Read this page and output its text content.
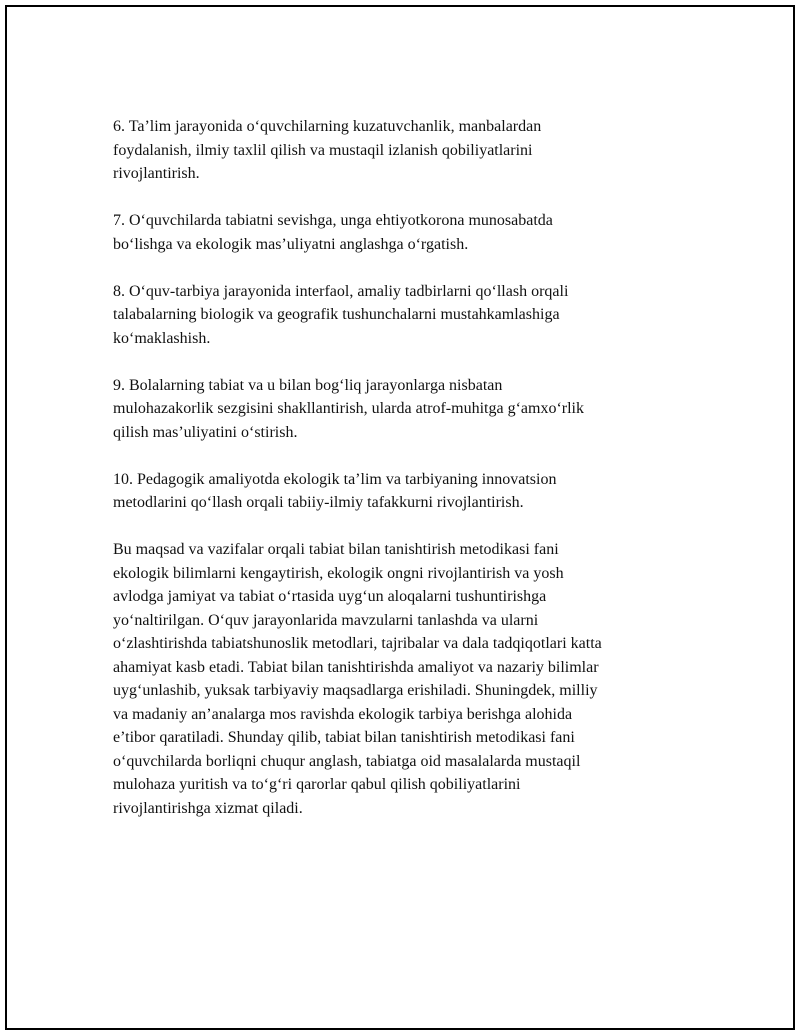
6. Ta’lim jarayonida o‘quvchilarning kuzatuvchanlik, manbalardan
foydalanish, ilmiy taxlil qilish va mustaqil izlanish qobiliyatlarini
rivojlantirish.

7. O‘quvchilarda tabiatni sevishga, unga ehtiyotkorona munosabatda
bo‘lishga va ekologik mas’uliyatni anglashga o‘rgatish.

8. O‘quv-tarbiya jarayonida interfaol, amaliy tadbirlarni qo‘llash orqali
talabalarning biologik va geografik tushunchalarni mustahkamlashiga
ko‘maklashish.

9. Bolalarning tabiat va u bilan bog‘liq jarayonlarga nisbatan
mulohazakorlik sezgisini shakllantirish, ularda atrof-muhitga g‘amxo‘rlik
qilish mas’uliyatini o‘stirish.

10. Pedagogik amaliyotda ekologik ta’lim va tarbiyaning innovatsion
metodlarini qo‘llash orqali tabiiy-ilmiy tafakkurni rivojlantirish.

Bu maqsad va vazifalar orqali tabiat bilan tanishtirish metodikasi fani
ekologik bilimlarni kengaytirish, ekologik ongni rivojlantirish va yosh
avlodga jamiyat va tabiat o‘rtasida uyg‘un aloqalarni tushuntirishga
yo‘naltirilgan. O‘quv jarayonlarida mavzularni tanlashda va ularni
o‘zlashtirishda tabiatshunoslik metodlari, tajribalar va dala tadqiqotlari katta
ahamiyat kasb etadi. Tabiat bilan tanishtirishda amaliyot va nazariy bilimlar
uyg‘unlashib, yuksak tarbiyaviy maqsadlarga erishiladi. Shuningdek, milliy
va madaniy an’analarga mos ravishda ekologik tarbiya berishga alohida
e’tibor qaratiladi. Shunday qilib, tabiat bilan tanishtirish metodikasi fani
o‘quvchilarda borliqni chuqur anglash, tabiatga oid masalalarda mustaqil
mulohaza yuritish va to‘g‘ri qarorlar qabul qilish qobiliyatlarini
rivojlantirishga xizmat qiladi.
